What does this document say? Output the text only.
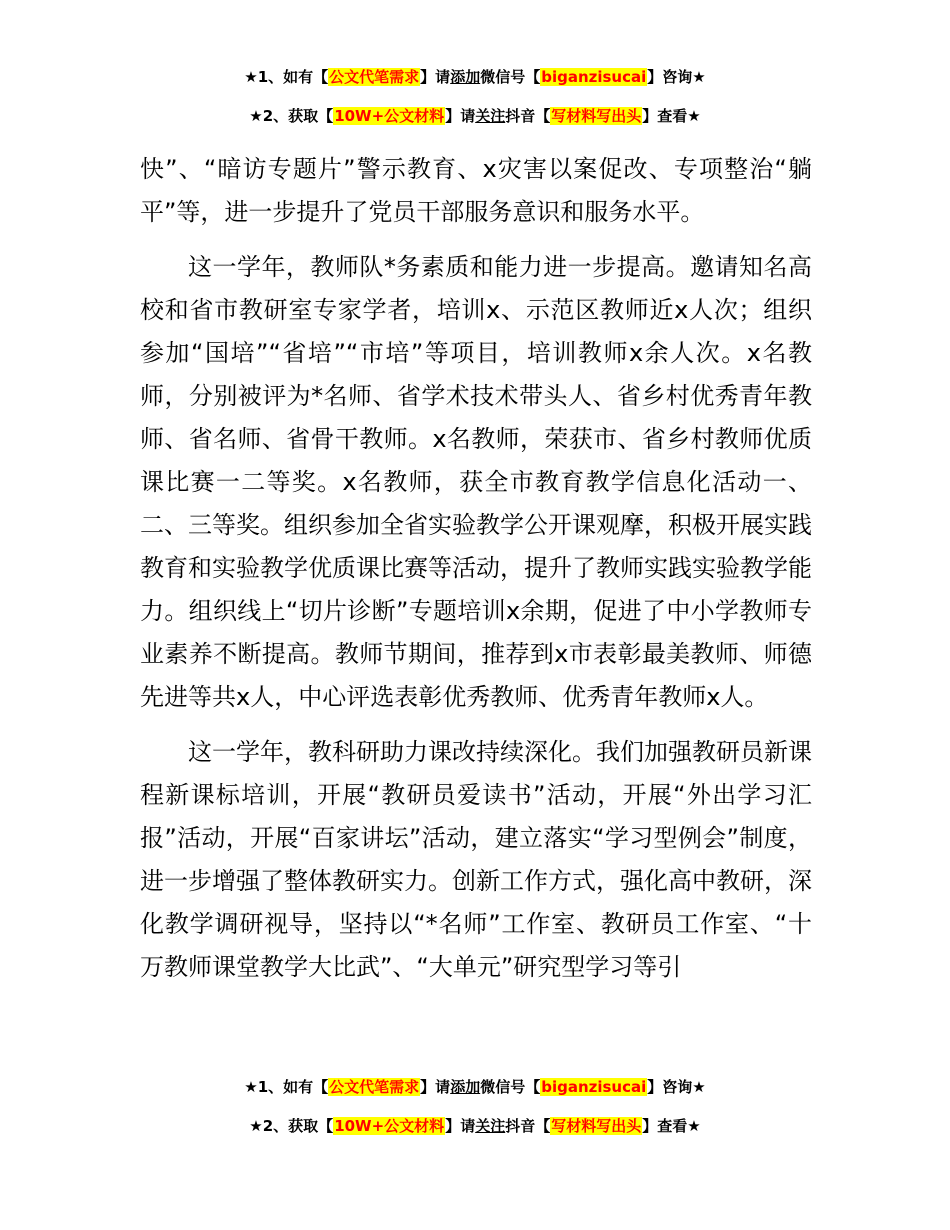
★1、如有【公文代笔需求】请添加微信号【biganzisucai】咨询★
★2、获取【10W+公文材料】请关注抖音【写材料写出头】查看★

快”、“暗访专题片”警示教育、x灾害以案促改、专项整治“躺平”等，进一步提升了党员干部服务意识和服务水平。

这一学年，教师队*务素质和能力进一步提高。邀请知名高校和省市教研室专家学者，培训x、示范区教师近x人次；组织参加“国培”“省培”“市培”等项目，培训教师x余人次。x名教师，分别被评为*名师、省学术技术带头人、省乡村优秀青年教师、省名师、省骨干教师。x名教师，荣获市、省乡村教师优质课比赛一二等奖。x名教师，获全市教育教学信息化活动一、二、三等奖。组织参加全省实验教学公开课观摩，积极开展实践教育和实验教学优质课比赛等活动，提升了教师实践实验教学能力。组织线上“切片诊断”专题培训x余期，促进了中小学教师专业素养不断提高。教师节期间，推荐到x市表彰最美教师、师德先进等共x人，中心评选表彰优秀教师、优秀青年教师x人。

这一学年，教科研助力课改持续深化。我们加强教研员新课程新课标培训，开展“教研员爱读书”活动，开展“外出学习汇报”活动，开展“百家讲坛”活动，建立落实“学习型例会”制度，进一步增强了整体教研实力。创新工作方式，强化高中教研，深化教学调研视导，坚持以“*名师”工作室、教研员工作室、“十万教师课堂教学大比武”、“大单元”研究型学习等引

★1、如有【公文代笔需求】请添加微信号【biganzisucai】咨询★
★2、获取【10W+公文材料】请关注抖音【写材料写出头】查看★
